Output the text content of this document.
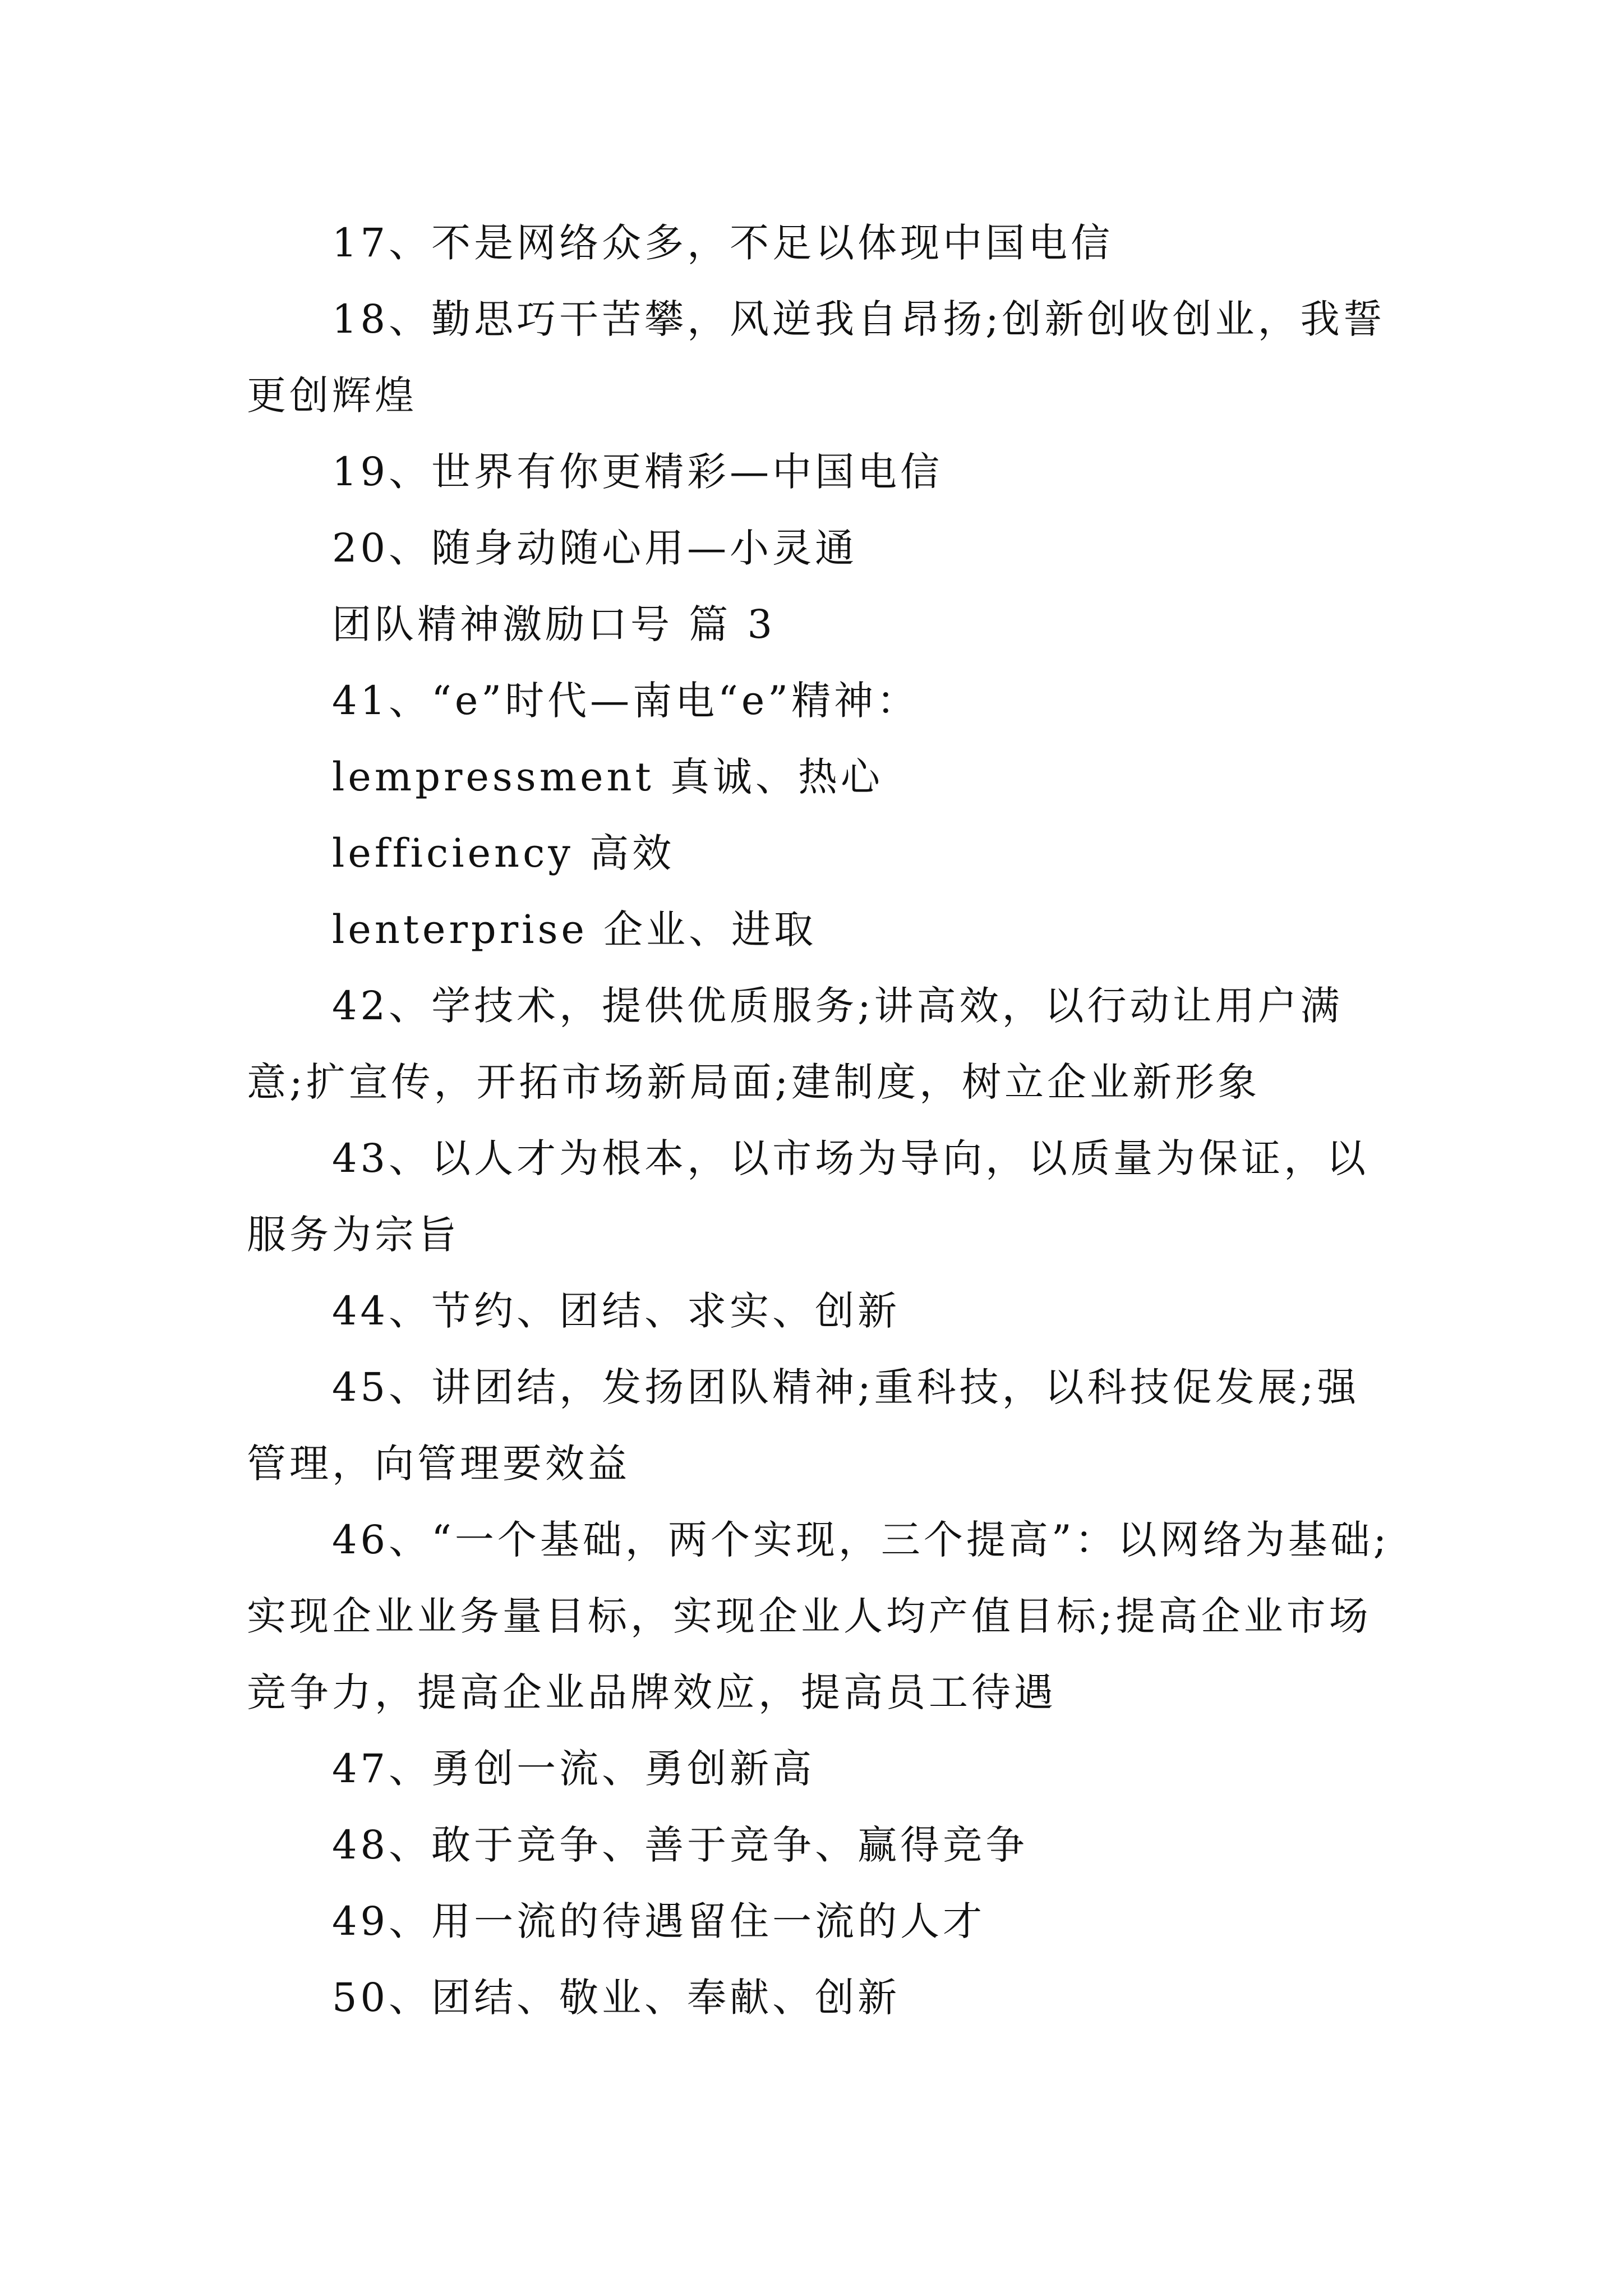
17、不是网络众多，不足以体现中国电信

18、勤思巧干苦攀，风逆我自昂扬;创新创收创业，我誓更创辉煌

19、世界有你更精彩—中国电信

20、随身动随心用—小灵通

团队精神激励口号 篇 3

41、“e”时代—南电“e”精神：

lempressment 真诚、热心

lefficiency 高效

lenterprise 企业、进取

42、学技术，提供优质服务;讲高效，以行动让用户满意;扩宣传，开拓市场新局面;建制度，树立企业新形象

43、以人才为根本，以市场为导向，以质量为保证，以服务为宗旨

44、节约、团结、求实、创新

45、讲团结，发扬团队精神;重科技，以科技促发展;强管理，向管理要效益

46、“一个基础，两个实现，三个提高”：以网络为基础;实现企业业务量目标，实现企业人均产值目标;提高企业市场竞争力，提高企业品牌效应，提高员工待遇

47、勇创一流、勇创新高

48、敢于竞争、善于竞争、赢得竞争

49、用一流的待遇留住一流的人才

50、团结、敬业、奉献、创新
